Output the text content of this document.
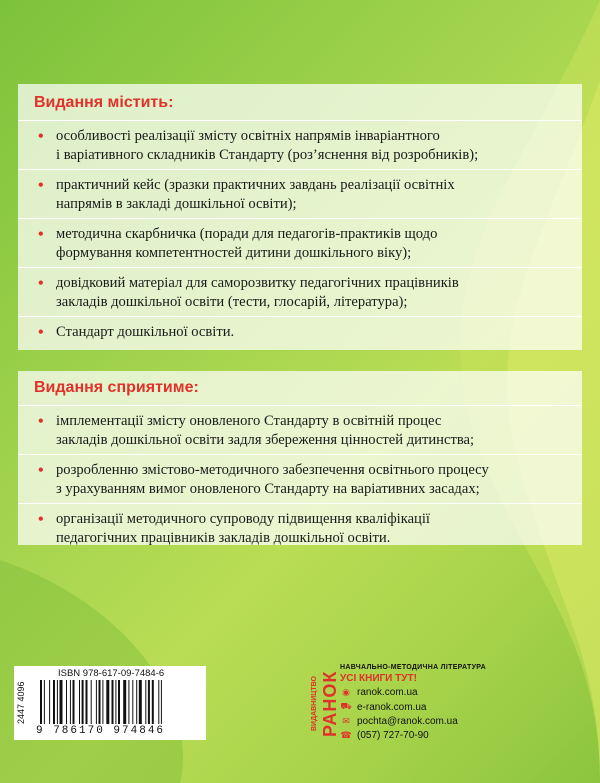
Видання містить:
• особливості реалізації змісту освітніх напрямів інваріантного
і варіативного складників Стандарту (роз’яснення від розробників);
• практичний кейс (зразки практичних завдань реалізації освітніх
напрямів в закладі дошкільної освіти);
• методична скарбничка (поради для педагогів-практиків щодо
формування компетентностей дитини дошкільного віку);
• довідковий матеріал для саморозвитку педагогічних працівників
закладів дошкільної освіти (тести, глосарій, література);
• Стандарт дошкільної освіти.
Видання сприятиме:
• імплементації змісту оновленого Стандарту в освітній процес
закладів дошкільної освіти задля збереження цінностей дитинства;
• розробленню змістово-методичного забезпечення освітнього процесу
з урахуванням вимог оновленого Стандарту на варіативних засадах;
• організації методичного супроводу підвищення кваліфікації
педагогічних працівників закладів дошкільної освіти.
2447 4096
ISBN 978-617-09-7484-6
9 786170 974846	ВИДАВНИЦТВО РАНОК
НАВЧАЛЬНО-МЕТОДИЧНА ЛІТЕРАТУРА
УСІ КНИГИ ТУТ!
◉ ranok.com.ua
⛟ e-ranok.com.ua
✉ pochta@ranok.com.ua
☎ (057) 727-70-90
